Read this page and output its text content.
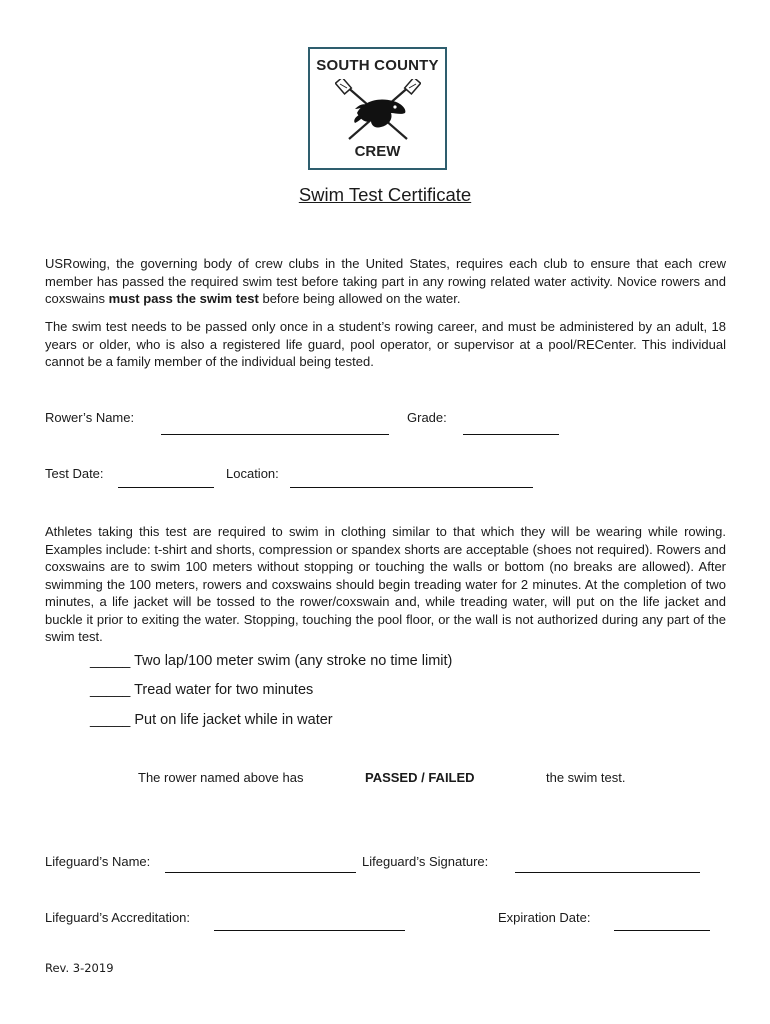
SOUTH COUNTY
CREW
Swim Test Certificate
USRowing, the governing body of crew clubs in the United States, requires each club to ensure that each crew member has passed the required swim test before taking part in any rowing related water activity. Novice rowers and coxswains must pass the swim test before being allowed on the water.
The swim test needs to be passed only once in a student’s rowing career, and must be administered by an adult, 18 years or older, who is also a registered life guard, pool operator, or supervisor at a pool/RECenter. This individual cannot be a family member of the individual being tested.
Rower’s Name:	Grade:
Test Date:	Location:
Athletes taking this test are required to swim in clothing similar to that which they will be wearing while rowing. Examples include: t-shirt and shorts, compression or spandex shorts are acceptable (shoes not required). Rowers and coxswains are to swim 100 meters without stopping or touching the walls or bottom (no breaks are allowed). After swimming the 100 meters, rowers and coxswains should begin treading water for 2 minutes. At the completion of two minutes, a life jacket will be tossed to the rower/coxswain and, while treading water, will put on the life jacket and buckle it prior to exiting the water. Stopping, touching the pool floor, or the wall is not authorized during any part of the swim test.
_____ Two lap/100 meter swim (any stroke no time limit)
_____ Tread water for two minutes
_____ Put on life jacket while in water
The rower named above has	PASSED / FAILED	the swim test.
Lifeguard’s Name:	Lifeguard’s Signature:
Lifeguard’s Accreditation:	Expiration Date:
Rev. 3-2019
